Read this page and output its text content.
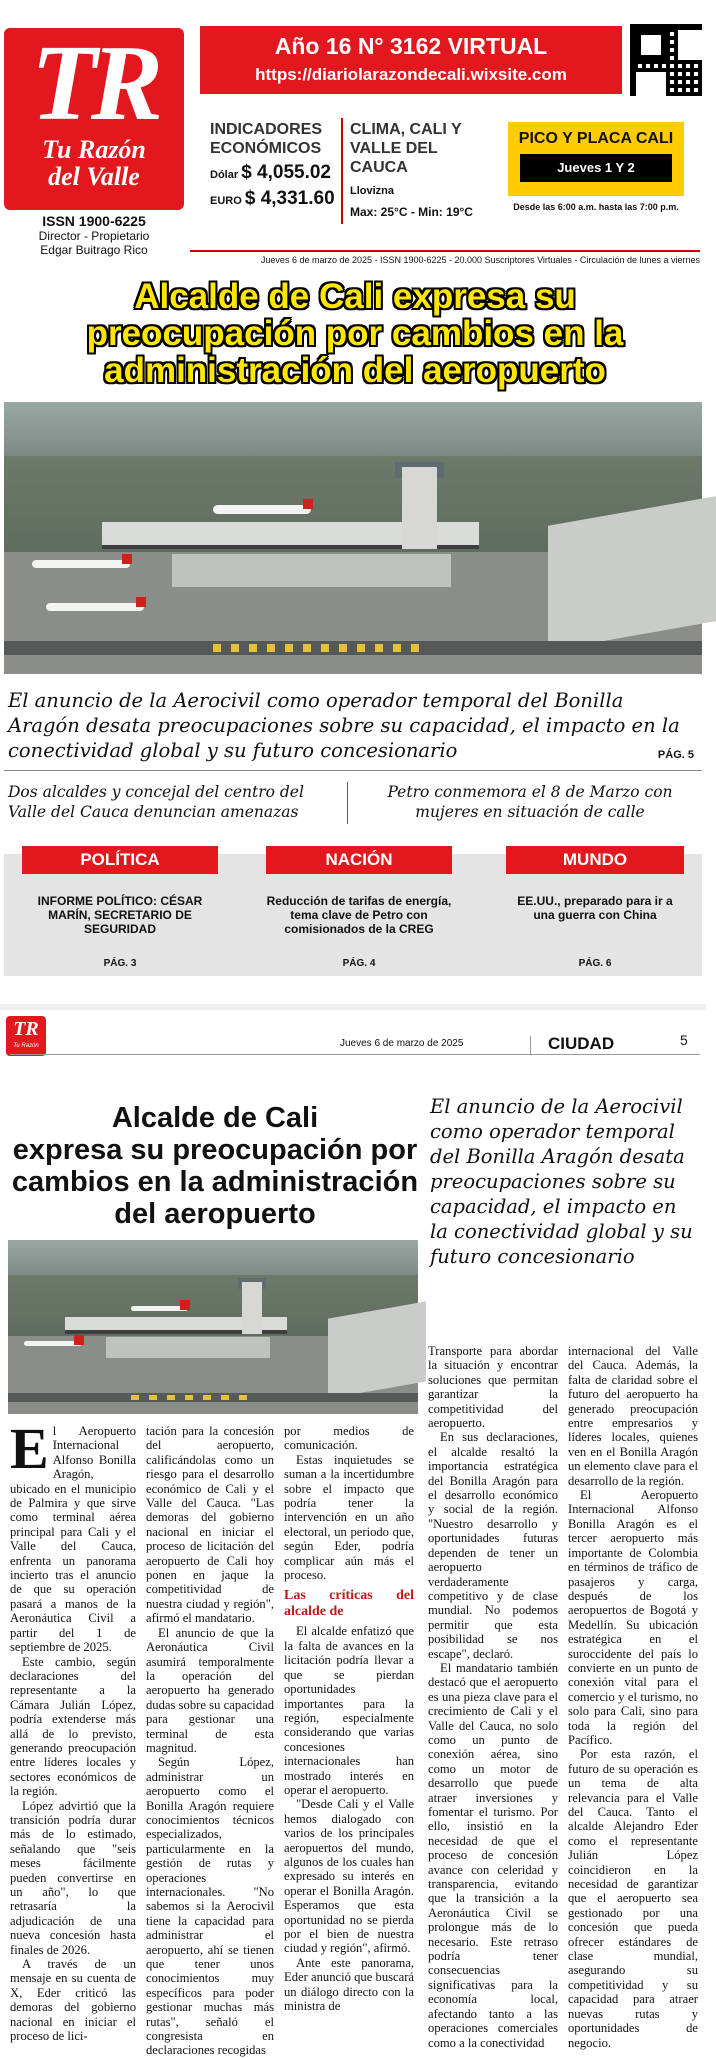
TR
Tu Razón
del Valle
ISSN 1900-6225
Director - Propietario
Edgar Buitrago Rico
Año 16 N° 3162 VIRTUAL
https://diariolarazondecali.wixsite.com
INDICADORES
ECONÓMICOS
Dólar $ 4,055.02
EURO $ 4,331.60
CLIMA, CALI Y
VALLE DEL CAUCA
Llovizna
Max: 25°C - Min: 19°C
PICO Y PLACA CALI
Jueves 1 Y 2
Desde las 6:00 a.m. hasta las 7:00 p.m.
Jueves 6 de marzo de 2025 - ISSN 1900-6225 - 20.000 Suscriptores Virtuales - Circulación de lunes a viernes
Alcalde de Cali expresa su
preocupación por cambios en la
administración del aeropuerto
El anuncio de la Aerocivil como operador temporal del Bonilla Aragón desata preocupaciones sobre su capacidad, el impacto en la conectividad global y su futuro concesionario	PÁG. 5
Dos alcaldes y concejal del centro del Valle del Cauca denuncian amenazas
Petro conmemora el 8 de Marzo con mujeres en situación de calle
POLÍTICA
INFORME POLÍTICO: CÉSAR MARÍN, SECRETARIO DE SEGURIDAD
PÁG. 3
NACIÓN
Reducción de tarifas de energía, tema clave de Petro con comisionados de la CREG
PÁG. 4
MUNDO
EE.UU., preparado para ir a una guerra con China
PÁG. 6
TR
Tu Razón	Jueves 6 de marzo de 2025	CIUDAD	5
Alcalde de Cali
expresa su preocupación por
cambios en la administración
del aeropuerto
El anuncio de la Aerocivil como operador temporal del Bonilla Aragón desata preocupaciones sobre su capacidad, el impacto en la conectividad global y su futuro concesionario

El Aeropuerto Internacional Alfonso Bonilla Aragón, ubicado en el municipio de Palmira y que sirve como terminal aérea principal para Cali y el Valle del Cauca, enfrenta un panorama incierto tras el anuncio de que su operación pasará a manos de la Aeronáutica Civil a partir del 1 de septiembre de 2025.

Este cambio, según declaraciones del representante a la Cámara Julián López, podría extenderse más allá de lo previsto, generando preocupación entre líderes locales y sectores económicos de la región.

López advirtió que la transición podría durar más de lo estimado, señalando que "seis meses fácilmente pueden convertirse en un año", lo que retrasaría la adjudicación de una nueva concesión hasta finales de 2026.

A través de un mensaje en su cuenta de X, Eder criticó las demoras del gobierno nacional en iniciar el proceso de lici-

tación para la concesión del aeropuerto, calificándolas como un riesgo para el desarrollo económico de Cali y el Valle del Cauca. "Las demoras del gobierno nacional en iniciar el proceso de licitación del aeropuerto de Cali hoy ponen en jaque la competitividad de nuestra ciudad y región", afirmó el mandatario.

El anuncio de que la Aeronáutica Civil asumirá temporalmente la operación del aeropuerto ha generado dudas sobre su capacidad para gestionar una terminal de esta magnitud.

Según López, administrar un aeropuerto como el Bonilla Aragón requiere conocimientos técnicos especializados, particularmente en la gestión de rutas y operaciones internacionales. "No sabemos si la Aerocivil tiene la capacidad para administrar el aeropuerto, ahí se tienen que tener unos conocimientos muy específicos para poder gestionar muchas más rutas", señaló el congresista en declaraciones recogidas

por medios de comunicación.

Estas inquietudes se suman a la incertidumbre sobre el impacto que podría tener la intervención en un año electoral, un periodo que, según Eder, podría complicar aún más el proceso.

Las críticas del alcalde de

El alcalde enfatizó que la falta de avances en la licitación podría llevar a que se pierdan oportunidades importantes para la región, especialmente considerando que varias concesiones internacionales han mostrado interés en operar el aeropuerto.

"Desde Cali y el Valle hemos dialogado con varios de los principales aeropuertos del mundo, algunos de los cuales han expresado su interés en operar el Bonilla Aragón. Esperamos que esta oportunidad no se pierda por el bien de nuestra ciudad y región", afirmó.

Ante este panorama, Eder anunció que buscará un diálogo directo con la ministra de

Transporte para abordar la situación y encontrar soluciones que permitan garantizar la competitividad del aeropuerto.

En sus declaraciones, el alcalde resaltó la importancia estratégica del Bonilla Aragón para el desarrollo económico y social de la región. "Nuestro desarrollo y oportunidades futuras dependen de tener un aeropuerto verdaderamente competitivo y de clase mundial. No podemos permitir que esta posibilidad se nos escape", declaró.

El mandatario también destacó que el aeropuerto es una pieza clave para el crecimiento de Cali y el Valle del Cauca, no solo como un punto de conexión aérea, sino como un motor de desarrollo que puede atraer inversiones y fomentar el turismo. Por ello, insistió en la necesidad de que el proceso de concesión avance con celeridad y transparencia, evitando que la transición a la Aeronáutica Civil se prolongue más de lo necesario. Este retraso podría tener consecuencias significativas para la economía local, afectando tanto a las operaciones comerciales como a la conectividad

internacional del Valle del Cauca. Además, la falta de claridad sobre el futuro del aeropuerto ha generado preocupación entre empresarios y líderes locales, quienes ven en el Bonilla Aragón un elemento clave para el desarrollo de la región.

El Aeropuerto Internacional Alfonso Bonilla Aragón es el tercer aeropuerto más importante de Colombia en términos de tráfico de pasajeros y carga, después de los aeropuertos de Bogotá y Medellín. Su ubicación estratégica en el suroccidente del país lo convierte en un punto de conexión vital para el comercio y el turismo, no solo para Cali, sino para toda la región del Pacífico.

Por esta razón, el futuro de su operación es un tema de alta relevancia para el Valle del Cauca. Tanto el alcalde Alejandro Eder como el representante Julián López coincidieron en la necesidad de garantizar que el aeropuerto sea gestionado por una concesión que pueda ofrecer estándares de clase mundial, asegurando su competitividad y su capacidad para atraer nuevas rutas y oportunidades de negocio.
